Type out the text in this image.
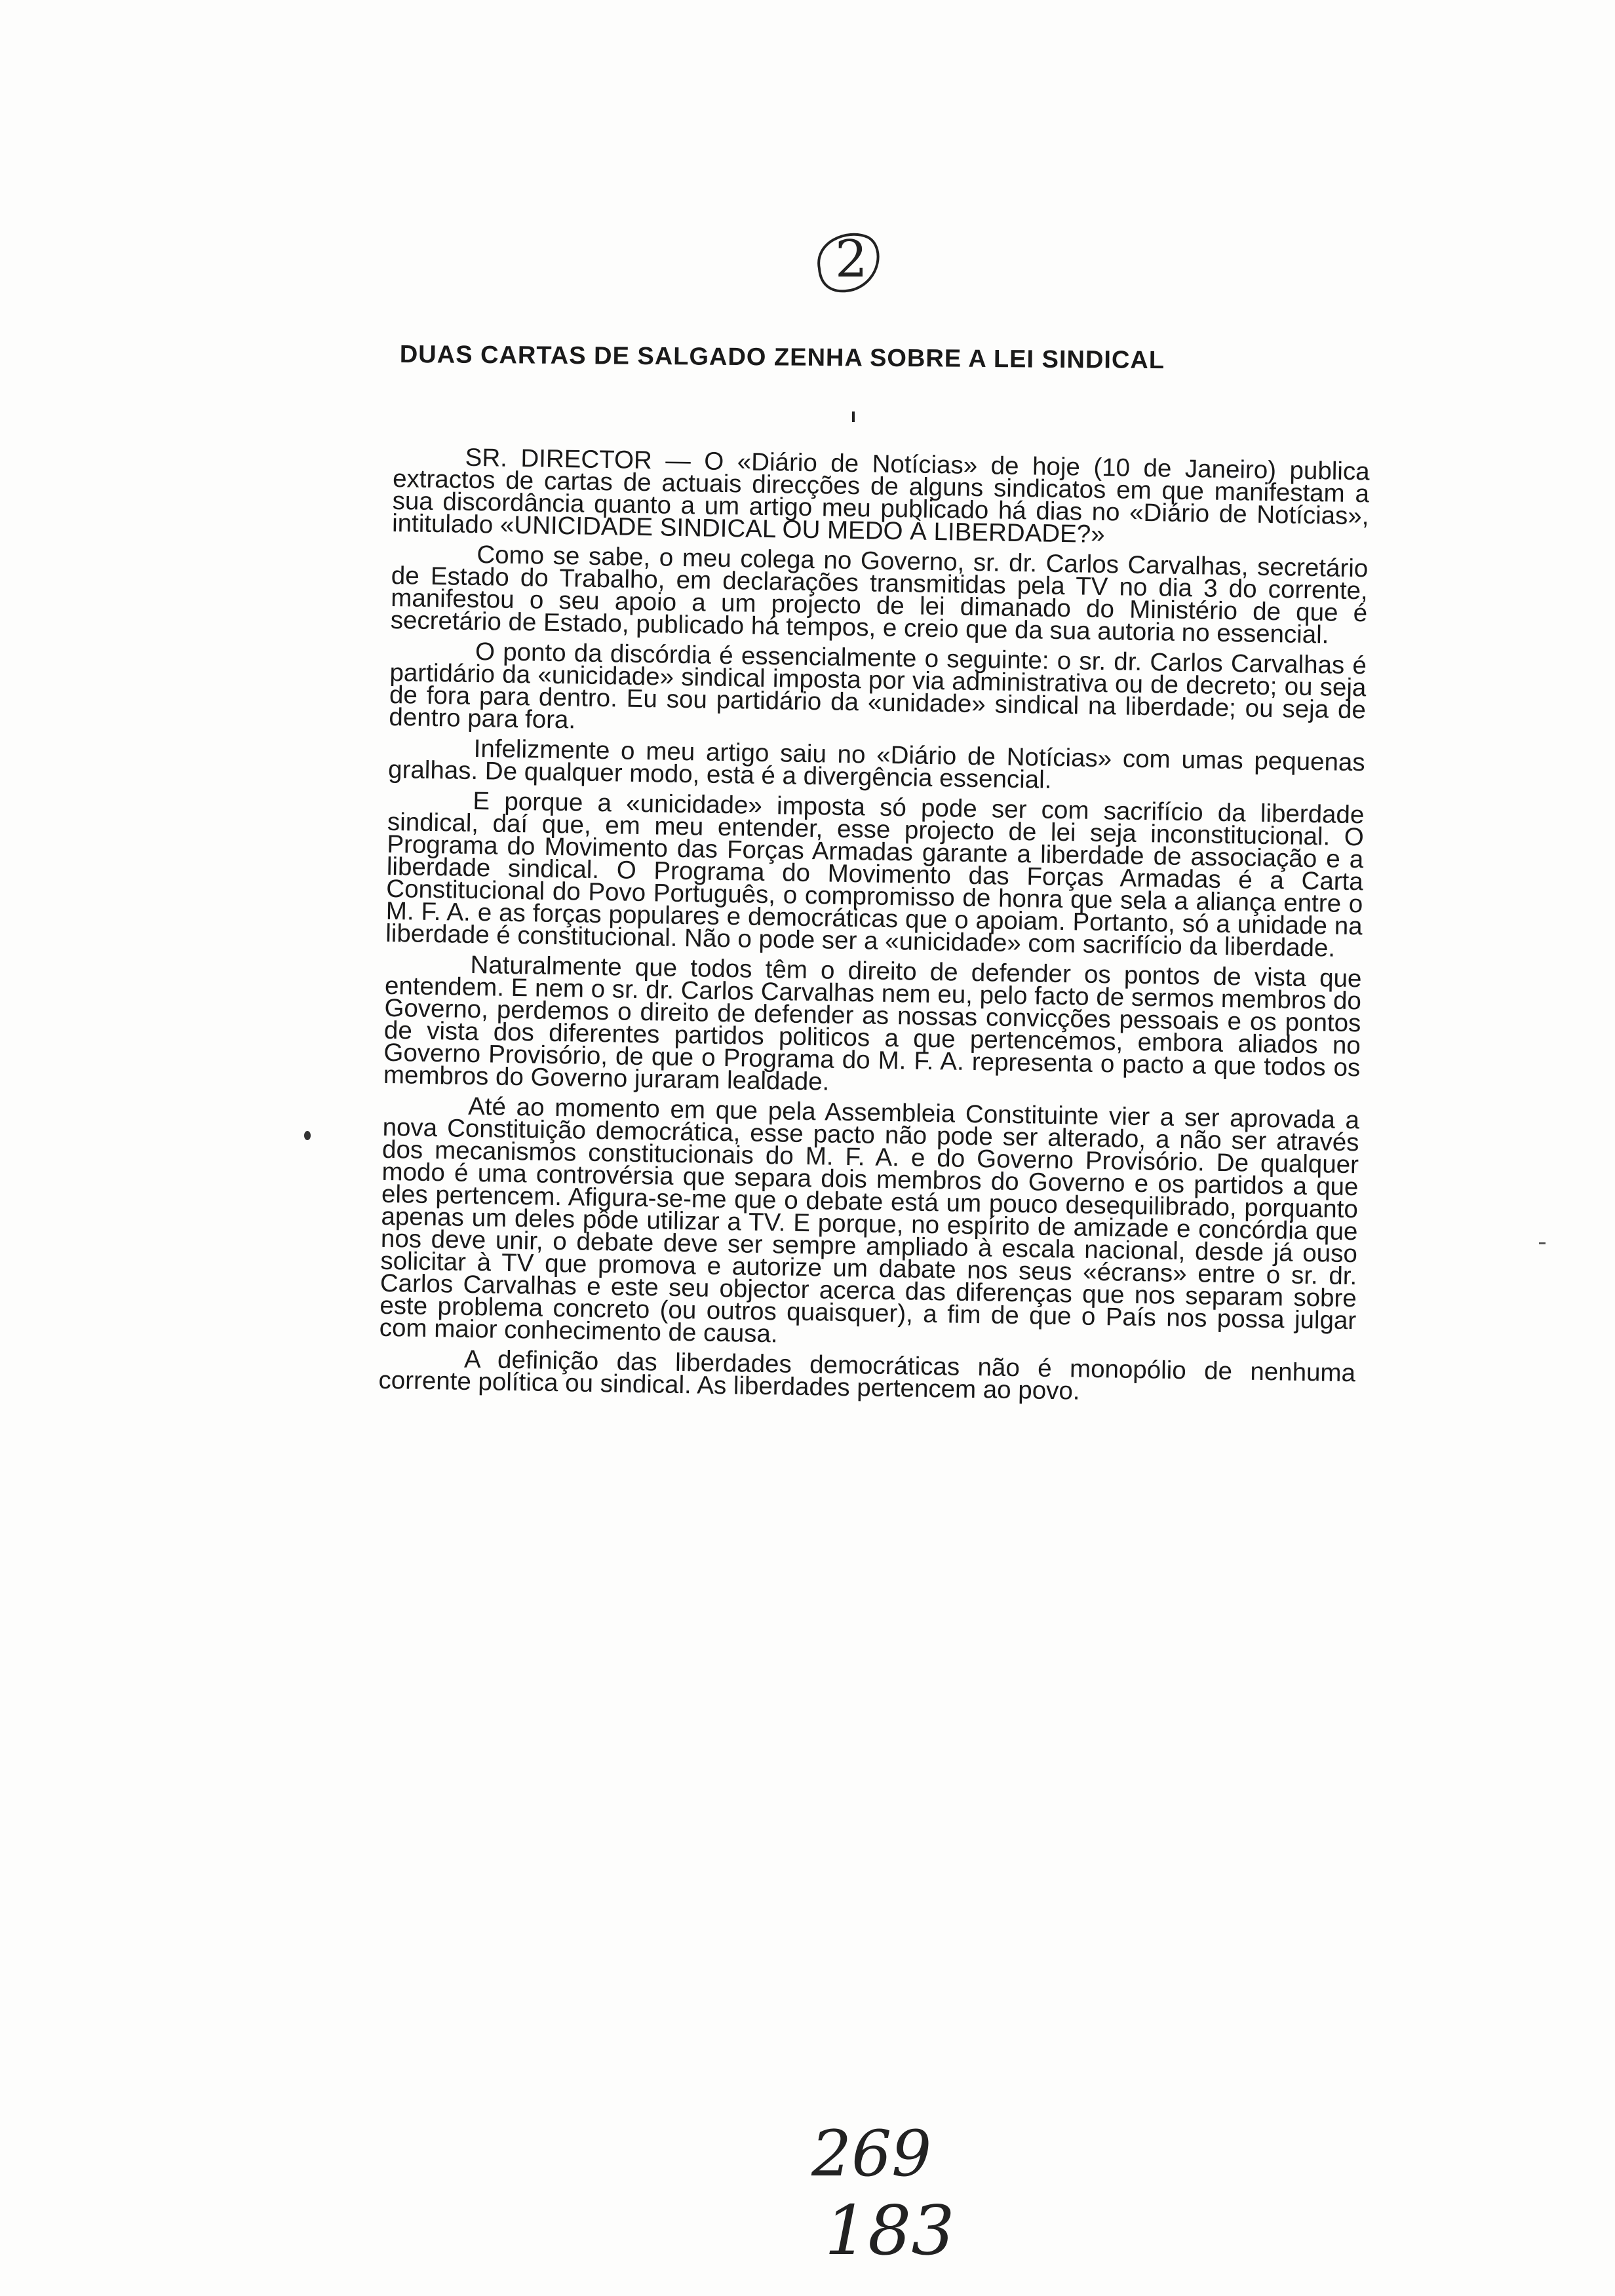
2
DUAS CARTAS DE SALGADO ZENHA SOBRE A LEI SINDICAL

SR. DIRECTOR — O «Diário de Notícias» de hoje (10 de Janeiro) publica extractos de cartas de actuais direcções de alguns sindicatos em que manifestam a sua discordância quanto a um artigo meu publicado há dias no «Diário de Notícias», intitulado «UNICIDADE SINDICAL OU MEDO À LIBERDADE?»

Como se sabe, o meu colega no Governo, sr. dr. Carlos Carvalhas, secretário de Estado do Trabalho, em declarações transmitidas pela TV no dia 3 do corrente, manifestou o seu apoio a um projecto de lei dimanado do Ministério de que é secretário de Estado, publicado há tempos, e creio que da sua autoria no essencial.

O ponto da discórdia é essencialmente o seguinte: o sr. dr. Carlos Carvalhas é partidário da «unicidade» sindical imposta por via administrativa ou de decreto; ou seja de fora para dentro. Eu sou partidário da «unidade» sindical na liberdade; ou seja de dentro para fora.

Infelizmente o meu artigo saiu no «Diário de Notícias» com umas pequenas gralhas. De qualquer modo, esta é a divergência essencial.

E porque a «unicidade» imposta só pode ser com sacrifício da liberdade sindical, daí que, em meu entender, esse projecto de lei seja inconstitucional. O Programa do Movimento das Forças Armadas garante a liberdade de associação e a liberdade sindical. O Programa do Movimento das Forças Armadas é a Carta Constitucional do Povo Português, o compromisso de honra que sela a aliança entre o M. F. A. e as forças populares e democráticas que o apoiam. Portanto, só a unidade na liberdade é constitucional. Não o pode ser a «unicidade» com sacrifício da liberdade.

Naturalmente que todos têm o direito de defender os pontos de vista que entendem. E nem o sr. dr. Carlos Carvalhas nem eu, pelo facto de sermos membros do Governo, perdemos o direito de defender as nossas convicções pessoais e os pontos de vista dos diferentes partidos politicos a que pertencemos, embora aliados no Governo Provisório, de que o Programa do M. F. A. representa o pacto a que todos os membros do Governo juraram lealdade.

Até ao momento em que pela Assembleia Constituinte vier a ser aprovada a nova Constituição democrática, esse pacto não pode ser alterado, a não ser através dos mecanismos constitucionais do M. F. A. e do Governo Provisório. De qualquer modo é uma controvérsia que separa dois membros do Governo e os partidos a que eles pertencem. Afigura-se-me que o debate está um pouco desequilibrado, porquanto apenas um deles pôde utilizar a TV. E porque, no espírito de amizade e concórdia que nos deve unir, o debate deve ser sempre ampliado à escala nacional, desde já ouso solicitar à TV que promova e autorize um dabate nos seus «écrans» entre o sr. dr. Carlos Carvalhas e este seu objector acerca das diferenças que nos separam sobre este problema concreto (ou outros quaisquer), a fim de que o País nos possa julgar com maior conhecimento de causa.

A definição das liberdades democráticas não é monopólio de nenhuma corrente política ou sindical. As liberdades pertencem ao povo.

269
183
